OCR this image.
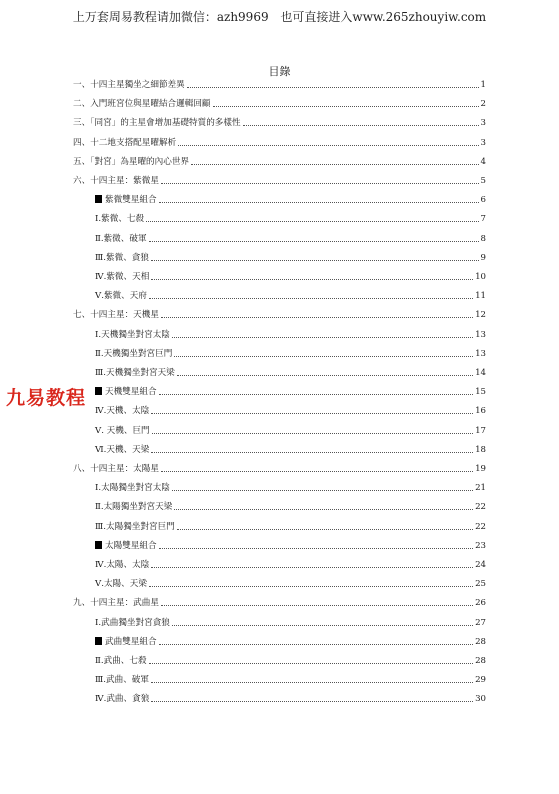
上万套周易教程请加微信：azh9969 也可直接进入www.265zhouyiw.com
目錄
一、十四主星獨坐之細節差異	1
二、入門班宮位與星曜結合邏輯回顧	2
三、「同宮」的主星會增加基礎特質的多樣性	3
四、十二地支搭配星曜解析	3
五、「對宮」為星曜的內心世界	4
六、十四主星：紫微星	5
紫微雙星組合	6
Ⅰ.紫微、七殺	7
Ⅱ.紫微、破軍	8
Ⅲ.紫微、貪狼	9
Ⅳ.紫微、天相	10
Ⅴ.紫微、天府	11
七、十四主星：天機星	12
Ⅰ.天機獨坐對宮太陰	13
Ⅱ.天機獨坐對宮巨門	13
Ⅲ.天機獨坐對宮天梁	14
天機雙星組合	15
Ⅳ.天機、太陰	16
Ⅴ. 天機、巨門	17
Ⅵ.天機、天梁	18
八、十四主星：太陽星	19
Ⅰ.太陽獨坐對宮太陰	21
Ⅱ.太陽獨坐對宮天梁	22
Ⅲ.太陽獨坐對宮巨門	22
太陽雙星組合	23
Ⅳ.太陽、太陰	24
Ⅴ.太陽、天梁	25
九、十四主星：武曲星	26
Ⅰ.武曲獨坐對宮貪狼	27
武曲雙星組合	28
Ⅱ.武曲、七殺	28
Ⅲ.武曲、破軍	29
Ⅳ.武曲、貪狼	30
九易教程
